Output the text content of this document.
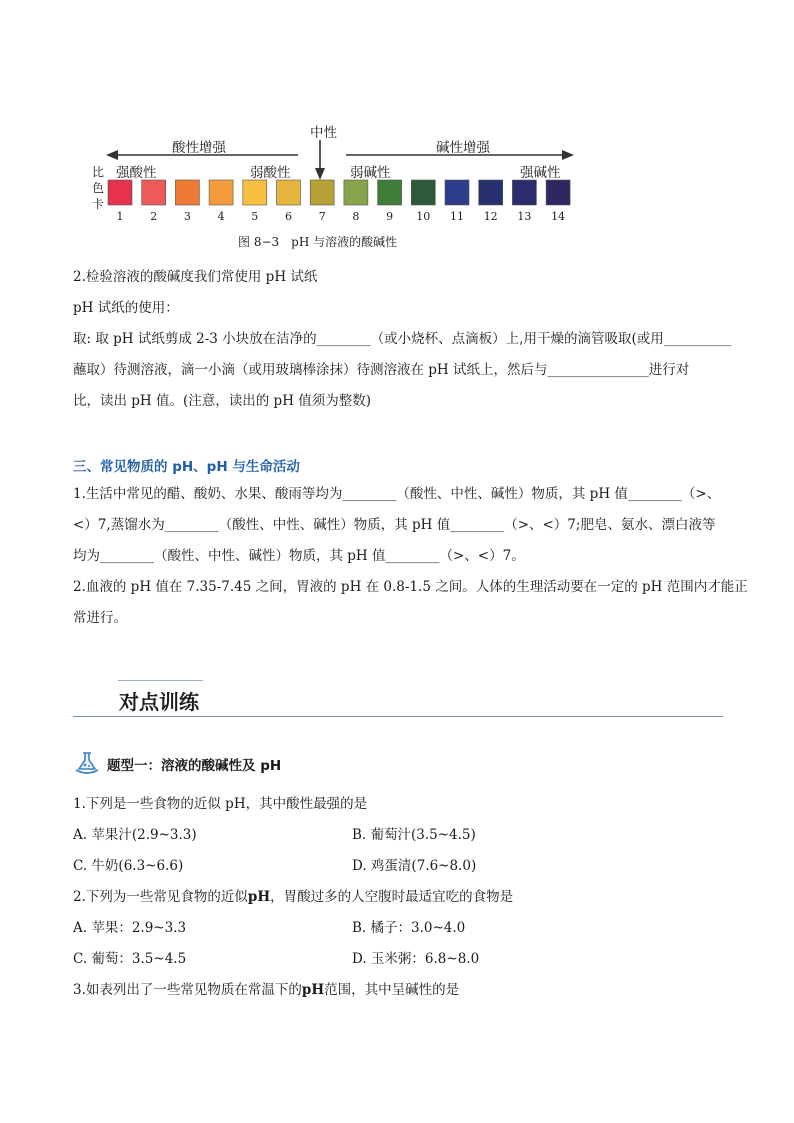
1 2 3 4 5 6 7 8 9 10 11 12 13 14
酸性增强
中性
碱性增强
强酸性	弱酸性	弱碱性	强碱性
比
色
卡
图 8−3　pH 与溶液的酸碱性
2.检验溶液的酸碱度我们常使用 pH 试纸
pH 试纸的使用：
取: 取 pH 试纸剪成 2-3 小块放在洁净的________（或小烧杯、点滴板）上,用干燥的滴管吸取(或用__________
蘸取）待测溶液，滴一小滴（或用玻璃棒涂抹）待测溶液在 pH 试纸上，然后与_______________进行对
比，读出 pH 值。(注意，读出的 pH 值须为整数)
三、常见物质的 pH、pH 与生命活动
1.生活中常见的醋、酸奶、水果、酸雨等均为________（酸性、中性、碱性）物质，其 pH 值________（>、
<）7,蒸馏水为________（酸性、中性、碱性）物质，其 pH 值________（>、<）7;肥皂、氨水、漂白液等
均为________（酸性、中性、碱性）物质，其 pH 值________（>、<）7。
2.血液的 pH 值在 7.35-7.45 之间，胃液的 pH 在 0.8-1.5 之间。人体的生理活动要在一定的 pH 范围内才能正
常进行。
对点训练
题型一：溶液的酸碱性及 pH
1.下列是一些食物的近似 pH，其中酸性最强的是
A. 苹果汁(2.9~3.3)	B. 葡萄汁(3.5~4.5)
C. 牛奶(6.3~6.6)	D. 鸡蛋清(7.6~8.0)
2.下列为一些常见食物的近似pH，胃酸过多的人空腹时最适宜吃的食物是
A. 苹果：2.9~3.3	B. 橘子：3.0~4.0
C. 葡萄：3.5~4.5	D. 玉米粥：6.8~8.0
3.如表列出了一些常见物质在常温下的pH范围，其中呈碱性的是
